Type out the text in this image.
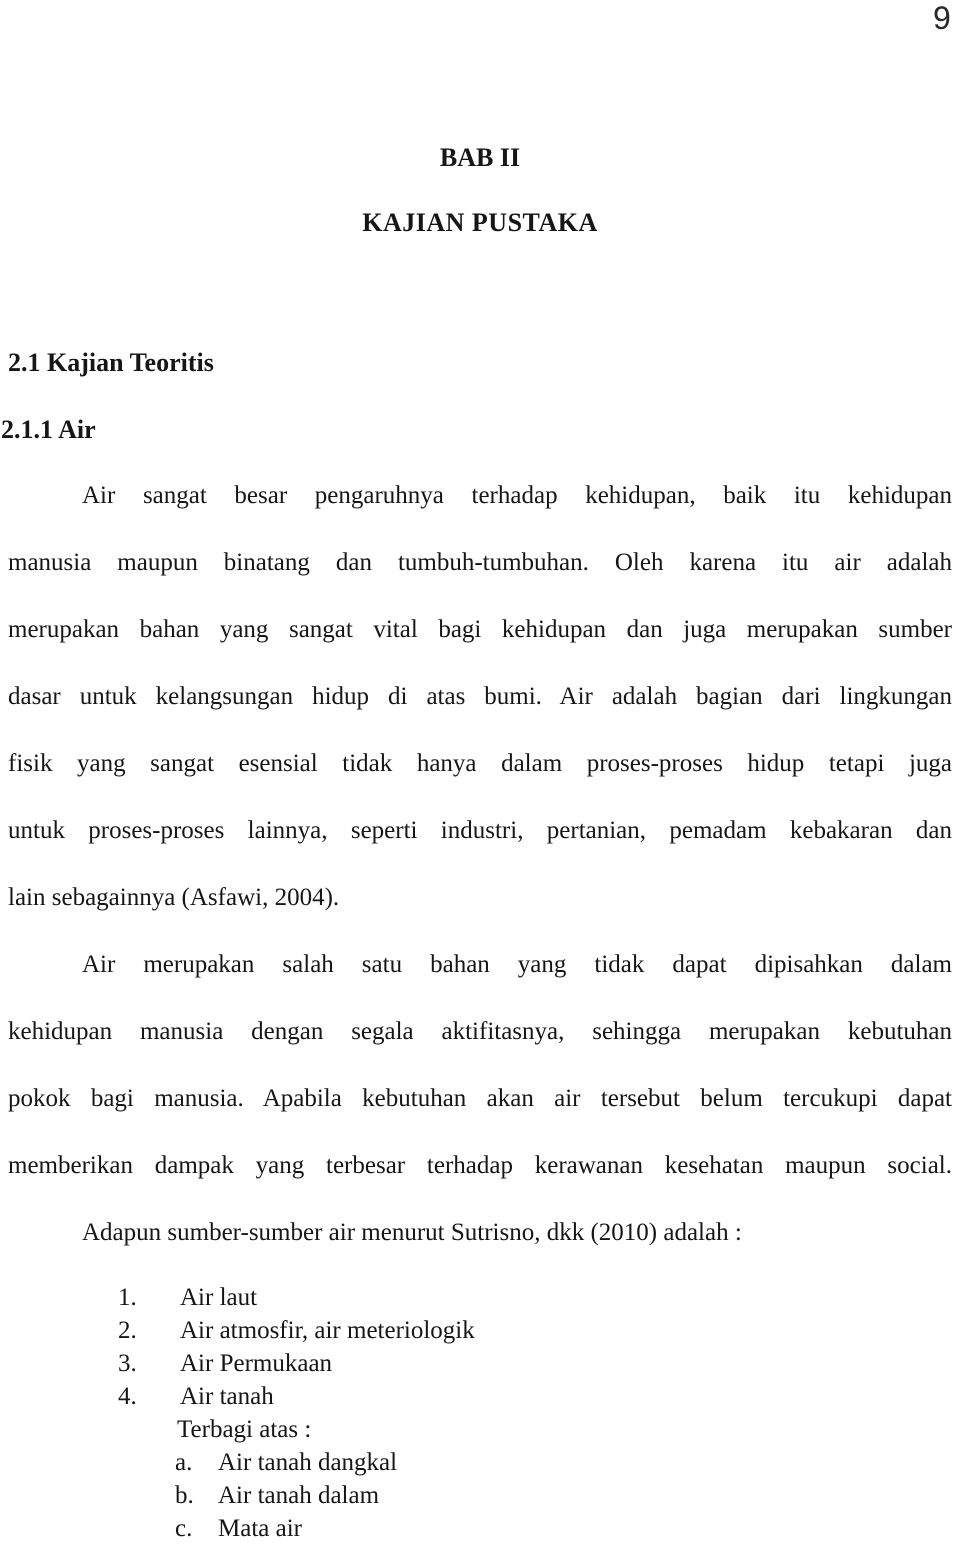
9
BAB II
KAJIAN PUSTAKA
2.1 Kajian Teoritis
2.1.1 Air
Air sangat besar pengaruhnya terhadap kehidupan, baik itu kehidupan
manusia maupun binatang dan tumbuh-tumbuhan. Oleh karena itu air adalah
merupakan bahan yang sangat vital bagi kehidupan dan juga merupakan sumber
dasar untuk kelangsungan hidup di atas bumi. Air adalah bagian dari lingkungan
fisik yang sangat esensial tidak hanya dalam proses-proses hidup tetapi juga
untuk proses-proses lainnya, seperti industri, pertanian, pemadam kebakaran dan
lain sebagainnya (Asfawi, 2004).
Air merupakan salah satu bahan yang tidak dapat dipisahkan dalam
kehidupan manusia dengan segala aktifitasnya, sehingga merupakan kebutuhan
pokok bagi manusia. Apabila kebutuhan akan air tersebut belum tercukupi dapat
memberikan dampak yang terbesar terhadap kerawanan kesehatan maupun social.
Adapun sumber-sumber air menurut Sutrisno, dkk (2010) adalah :
1.	Air laut
2.	Air atmosfir, air meteriologik
3.	Air Permukaan
4.	Air tanah
Terbagi atas :
a.	Air tanah dangkal
b. Air tanah dalam
c.	Mata air
